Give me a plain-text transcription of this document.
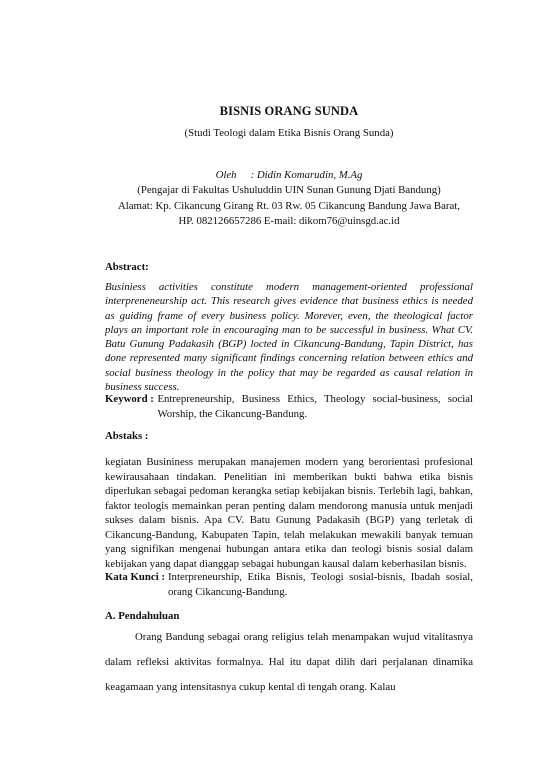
BISNIS ORANG SUNDA
(Studi Teologi dalam Etika Bisnis Orang Sunda)
Oleh : Didin Komarudin, M.Ag
(Pengajar di Fakultas Ushuluddin UIN Sunan Gunung Djati Bandung)
Alamat: Kp. Cikancung Girang Rt. 03 Rw. 05 Cikancung Bandung Jawa Barat,
HP. 082126657286 E-mail: dikom76@uinsgd.ac.id
Abstract:
Businiess activities constitute modern management-oriented professional interpreneneurship act. This research gives evidence that business ethics is needed as guiding frame of every business policy. Morever, even, the theological factor plays an important role in encouraging man to be successful in business. What CV. Batu Gunung Padakasih (BGP) locted in Cikancung-Bandung, Tapin District, has done represented many significant findings concerning relation between ethics and social business theology in the policy that may be regarded as causal relation in business success.
Keyword : Entrepreneurship, Business Ethics, Theology social-business, social Worship, the Cikancung-Bandung.
Abstaks :
kegiatan Busininess merupakan manajemen modern yang berorientasi profesional kewirausahaan tindakan. Penelitian ini memberikan bukti bahwa etika bisnis diperlukan sebagai pedoman kerangka setiap kebijakan bisnis. Terlebih lagi, bahkan, faktor teologis memainkan peran penting dalam mendorong manusia untuk menjadi sukses dalam bisnis. Apa CV. Batu Gunung Padakasih (BGP) yang terletak di Cikancung-Bandung, Kabupaten Tapin, telah melakukan mewakili banyak temuan yang signifikan mengenai hubungan antara etika dan teologi bisnis sosial dalam kebijakan yang dapat dianggap sebagai hubungan kausal dalam keberhasilan bisnis.
Kata Kunci : Interpreneurship, Etika Bisnis, Teologi sosial-bisnis, Ibadah sosial, orang Cikancung-Bandung.
A. Pendahuluan
Orang Bandung sebagai orang religius telah menampakan wujud vitalitasnya dalam refleksi aktivitas formalnya. Hal itu dapat dilih dari perjalanan dinamika keagamaan yang intensitasnya cukup kental di tengah orang. Kalau
